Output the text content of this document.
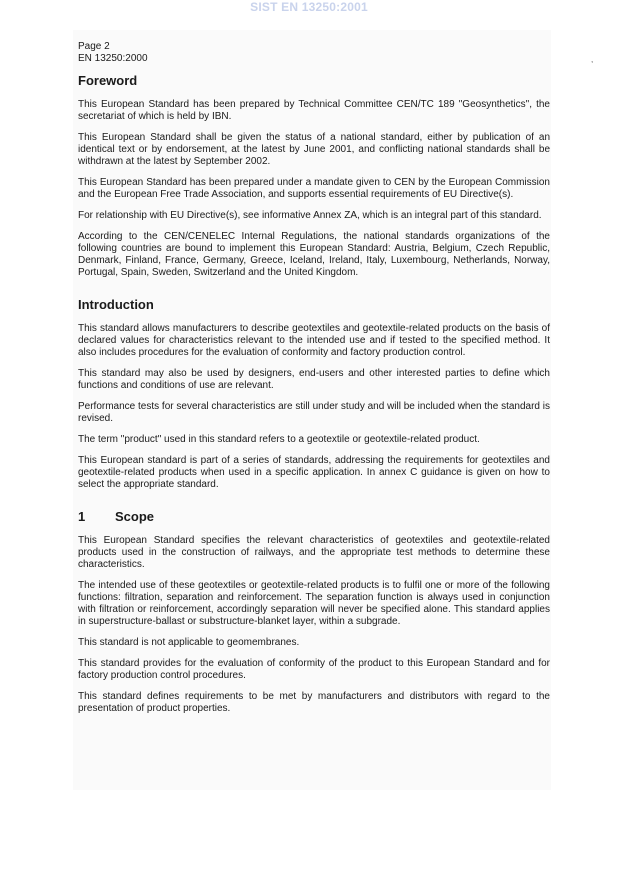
SIST EN 13250:2001
,
Page 2
EN 13250:2000
Foreword

This European Standard has been prepared by Technical Committee CEN/TC 189 "Geosynthetics", the secretariat of which is held by IBN.

This European Standard shall be given the status of a national standard, either by publication of an identical text or by endorsement, at the latest by June 2001, and conflicting national standards shall be withdrawn at the latest by September 2002.

This European Standard has been prepared under a mandate given to CEN by the European Commission and the European Free Trade Association, and supports essential requirements of EU Directive(s).

For relationship with EU Directive(s), see informative Annex ZA, which is an integral part of this standard.

According to the CEN/CENELEC Internal Regulations, the national standards organizations of the following countries are bound to implement this European Standard: Austria, Belgium, Czech Republic, Denmark, Finland, France, Germany, Greece, Iceland, Ireland, Italy, Luxembourg, Netherlands, Norway, Portugal, Spain, Sweden, Switzerland and the United Kingdom.

Introduction

This standard allows manufacturers to describe geotextiles and geotextile-related products on the basis of declared values for characteristics relevant to the intended use and if tested to the specified method. It also includes procedures for the evaluation of conformity and factory production control.

This standard may also be used by designers, end-users and other interested parties to define which functions and conditions of use are relevant.

Performance tests for several characteristics are still under study and will be included when the standard is revised.

The term "product" used in this standard refers to a geotextile or geotextile-related product.

This European standard is part of a series of standards, addressing the requirements for geotextiles and geotextile-related products when used in a specific application. In annex C guidance is given on how to select the appropriate standard.

1 Scope

This European Standard specifies the relevant characteristics of geotextiles and geotextile-related products used in the construction of railways, and the appropriate test methods to determine these characteristics.

The intended use of these geotextiles or geotextile-related products is to fulfil one or more of the following functions: filtration, separation and reinforcement. The separation function is always used in conjunction with filtration or reinforcement, accordingly separation will never be specified alone. This standard applies in superstructure-ballast or substructure-blanket layer, within a subgrade.

This standard is not applicable to geomembranes.

This standard provides for the evaluation of conformity of the product to this European Standard and for factory production control procedures.

This standard defines requirements to be met by manufacturers and distributors with regard to the presentation of product properties.
